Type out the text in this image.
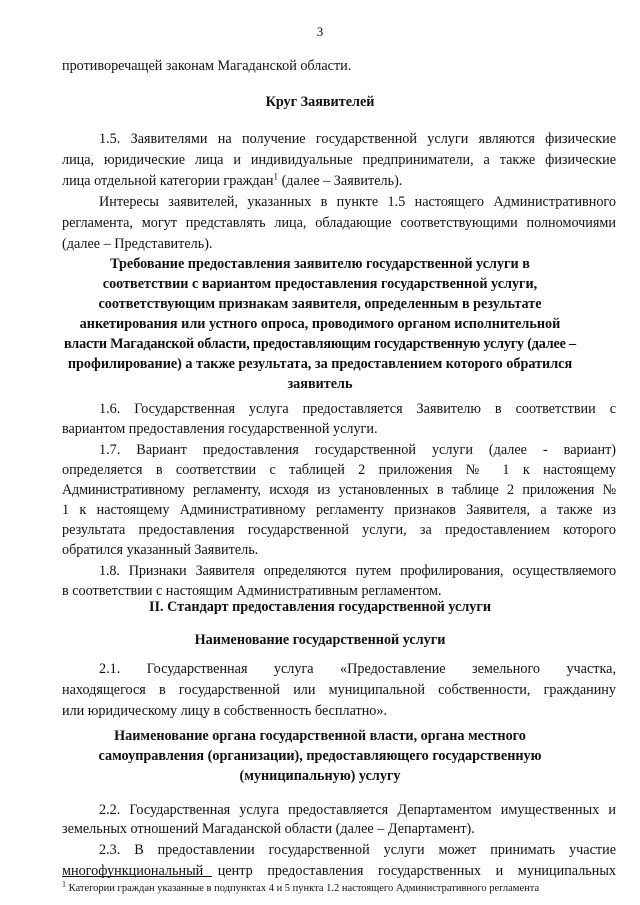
3
противоречащей законам Магаданской области.
Круг Заявителей
1.5. Заявителями на получение государственной услуги являются физические
лица, юридические лица и индивидуальные предприниматели, а также физические
лица отдельной категории граждан$^1$ (далее – Заявитель).
Интересы заявителей, указанных в пункте 1.5 настоящего Административного
регламента, могут представлять лица, обладающие соответствующими полномочиями
(далее – Представитель).
Требование предоставления заявителю государственной услуги в
соответствии с вариантом предоставления государственной услуги,
соответствующим признакам заявителя, определенным в результате
анкетирования или устного опроса, проводимого органом исполнительной
власти Магаданской области, предоставляющим государственную услугу (далее –
профилирование) а также результата, за предоставлением которого обратился
заявитель
1.6. Государственная услуга предоставляется Заявителю в соответствии с
вариантом предоставления государственной услуги.
1.7. Вариант предоставления государственной услуги (далее - вариант)
определяется в соответствии с таблицей 2 приложения № 1 к настоящему
Административному регламенту, исходя из установленных в таблице 2 приложения №
1 к настоящему Административному регламенту признаков Заявителя, а также из
результата предоставления государственной услуги, за предоставлением которого
обратился указанный Заявитель.
1.8. Признаки Заявителя определяются путем профилирования, осуществляемого
в соответствии с настоящим Административным регламентом.
II. Стандарт предоставления государственной услуги
Наименование государственной услуги
2.1. Государственная услуга «Предоставление земельного участка,
находящегося в государственной или муниципальной собственности, гражданину
или юридическому лицу в собственность бесплатно».
Наименование органа государственной власти, органа местного
самоуправления (организации), предоставляющего государственную
(муниципальную) услугу
2.2. Государственная услуга предоставляется Департаментом имущественных и
земельных отношений Магаданской области (далее – Департамент).
2.3. В предоставлении государственной услуги может принимать участие
многофункциональный центр предоставления государственных и муниципальных
$^1$ Категории граждан указанные в подпунктах 4 и 5 пункта 1.2 настоящего Административного регламента
